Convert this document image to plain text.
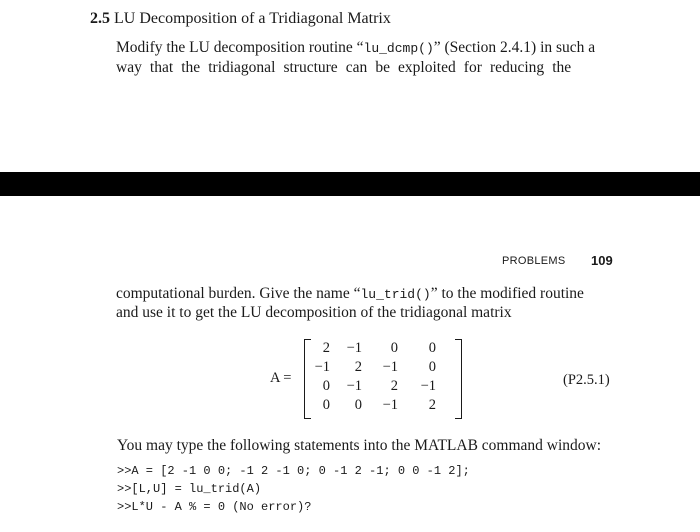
2.5 LU Decomposition of a Tridiagonal Matrix
Modify the LU decomposition routine “lu_dcmp()” (Section 2.4.1) in such a
way that the tridiagonal structure can be exploited for reducing the
PROBLEMS 109
computational burden. Give the name “lu_trid()” to the modified routine
and use it to get the LU decomposition of the tridiagonal matrix
A =
2	−1	0	0
−1	2	−1	0
0	−1	2	−1
0	0	−1	2
(P2.5.1)
You may type the following statements into the MATLAB command window:
>>A = [2 -1 0 0; -1 2 -1 0; 0 -1 2 -1; 0 0 -1 2];
>>[L,U] = lu_trid(A)
>>L*U - A % = 0 (No error)?
